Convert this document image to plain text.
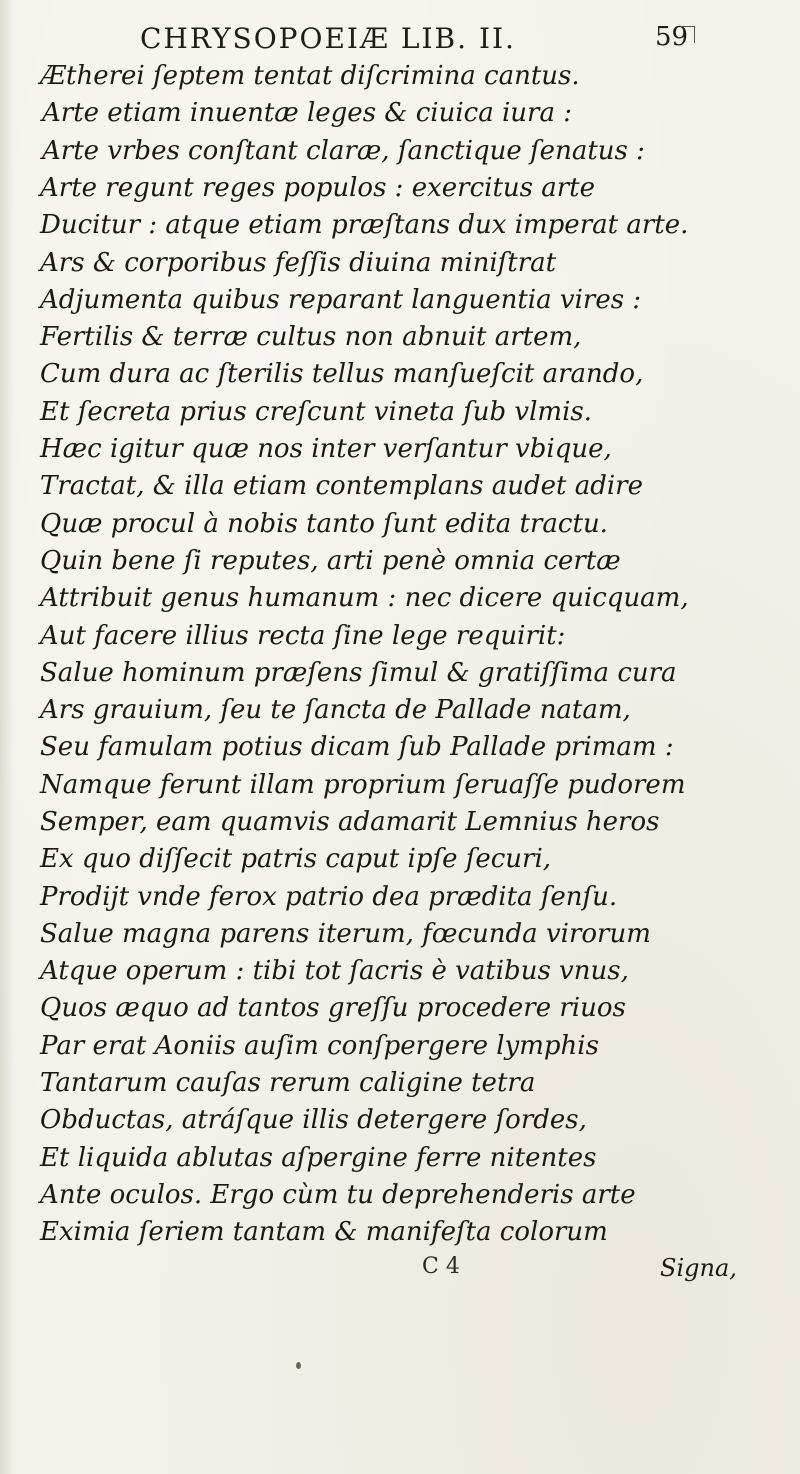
CHRYSOPOEIÆ LIB. II.	59
Ætherei ſeptem tentat diſcrimina cantus.
Arte etiam inuentæ leges & ciuica iura :
Arte vrbes conſtant claræ, ſanctique ſenatus :
Arte regunt reges populos : exercitus arte
Ducitur : atque etiam præſtans dux imperat arte.
Ars & corporibus feſſis diuina miniſtrat
Adjumenta quibus reparant languentia vires :
Fertilis & terræ cultus non abnuit artem,
Cum dura ac ſterilis tellus manſueſcit arando,
Et ſecreta prius creſcunt vineta ſub vlmis.
Hæc igitur quæ nos inter verſantur vbique,
Tractat, & illa etiam contemplans audet adire
Quæ procul à nobis tanto ſunt edita tractu.
Quin bene ſi reputes, arti penè omnia certæ
Attribuit genus humanum : nec dicere quicquam,
Aut facere illius recta ſine lege requirit:
Salue hominum præſens ſimul & gratiſſima cura
Ars grauium, ſeu te ſancta de Pallade natam,
Seu famulam potius dicam ſub Pallade primam :
Namque ferunt illam proprium ſeruaſſe pudorem
Semper, eam quamvis adamarit Lemnius heros
Ex quo diſſecit patris caput ipſe ſecuri,
Prodijt vnde ferox patrio dea prædita ſenſu.
Salue magna parens iterum, fœcunda virorum
Atque operum : tibi tot ſacris è vatibus vnus,
Quos æquo ad tantos greſſu procedere riuos
Par erat Aoniis auſim conſpergere lymphis
Tantarum cauſas rerum caligine tetra
Obductas, atráſque illis detergere ſordes,
Et liquida ablutas aſpergine ferre nitentes
Ante oculos. Ergo cùm tu deprehenderis arte
Eximia ſeriem tantam & manifeſta colorum
C 4	Signa,
